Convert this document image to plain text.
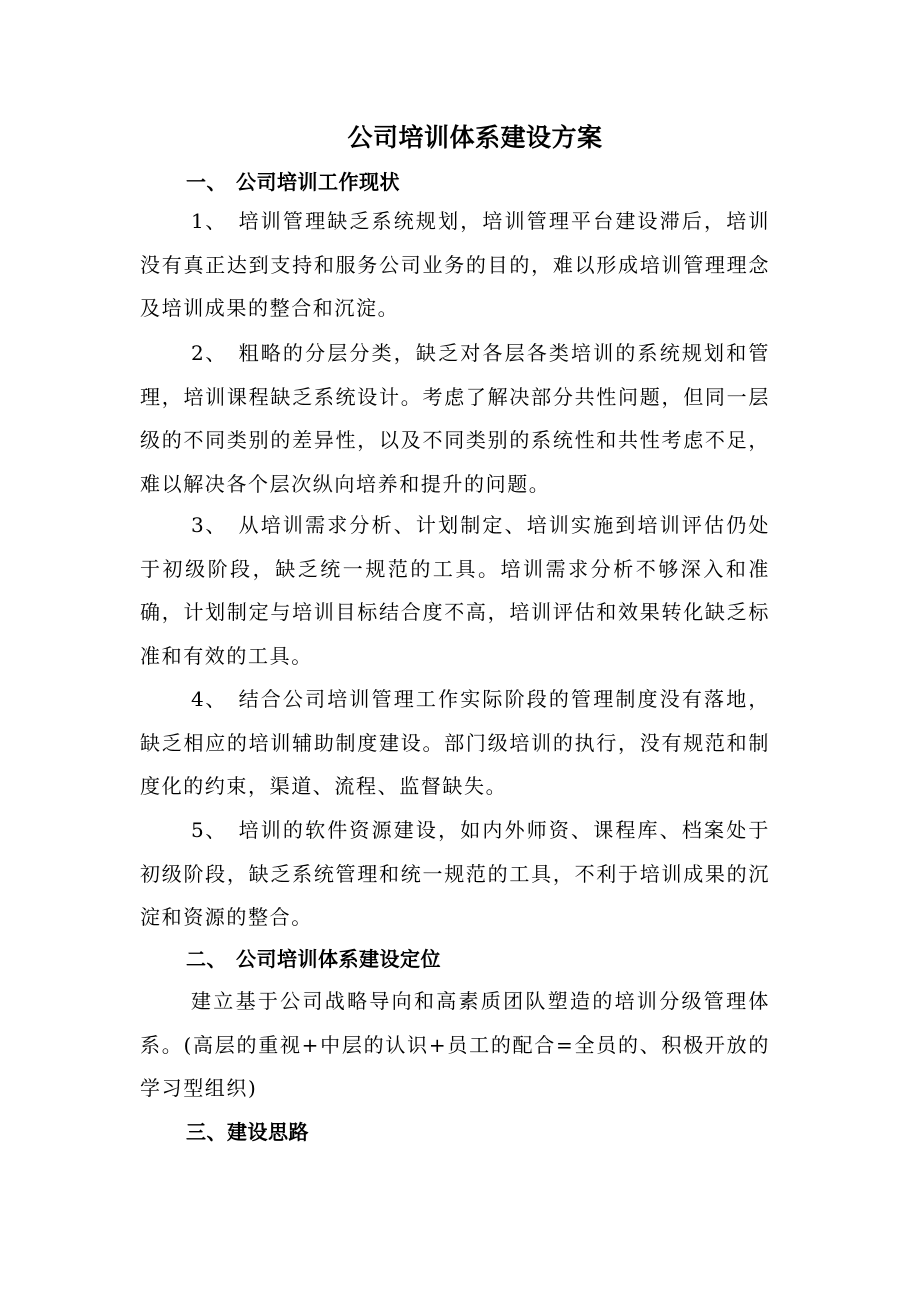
公司培训体系建设方案
一、 公司培训工作现状

1、 培训管理缺乏系统规划，培训管理平台建设滞后，培训没有真正达到支持和服务公司业务的目的，难以形成培训管理理念及培训成果的整合和沉淀。

2、 粗略的分层分类，缺乏对各层各类培训的系统规划和管理，培训课程缺乏系统设计。考虑了解决部分共性问题，但同一层级的不同类别的差异性，以及不同类别的系统性和共性考虑不足，难以解决各个层次纵向培养和提升的问题。

3、 从培训需求分析、计划制定、培训实施到培训评估仍处于初级阶段，缺乏统一规范的工具。培训需求分析不够深入和准确，计划制定与培训目标结合度不高，培训评估和效果转化缺乏标准和有效的工具。

4、 结合公司培训管理工作实际阶段的管理制度没有落地，缺乏相应的培训辅助制度建设。部门级培训的执行，没有规范和制度化的约束，渠道、流程、监督缺失。

5、 培训的软件资源建设，如内外师资、课程库、档案处于初级阶段，缺乏系统管理和统一规范的工具，不利于培训成果的沉淀和资源的整合。

二、 公司培训体系建设定位

建立基于公司战略导向和高素质团队塑造的培训分级管理体系。(高层的重视+中层的认识+员工的配合=全员的、积极开放的学习型组织)

三、建设思路
